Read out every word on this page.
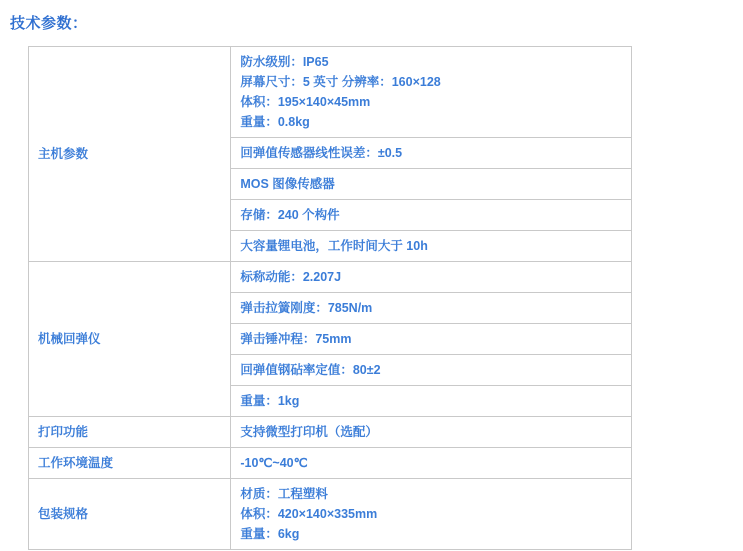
技术参数：
主机参数	防水级别：IP65
屏幕尺寸：5 英寸 分辨率：160×128
体积：195×140×45mm
重量：0.8kg

	回弹值传感器线性误差：±0.5

	MOS 图像传感器

	存储：240 个构件

	大容量锂电池，工作时间大于 10h

机械回弹仪	标称动能：2.207J

	弹击拉簧刚度：785N/m

	弹击锤冲程：75mm

	回弹值钢砧率定值：80±2

	重量：1kg

打印功能	支持微型打印机（选配）

工作环境温度	-10℃~40℃

包装规格	材质：工程塑料
体积：420×140×335mm
重量：6kg
